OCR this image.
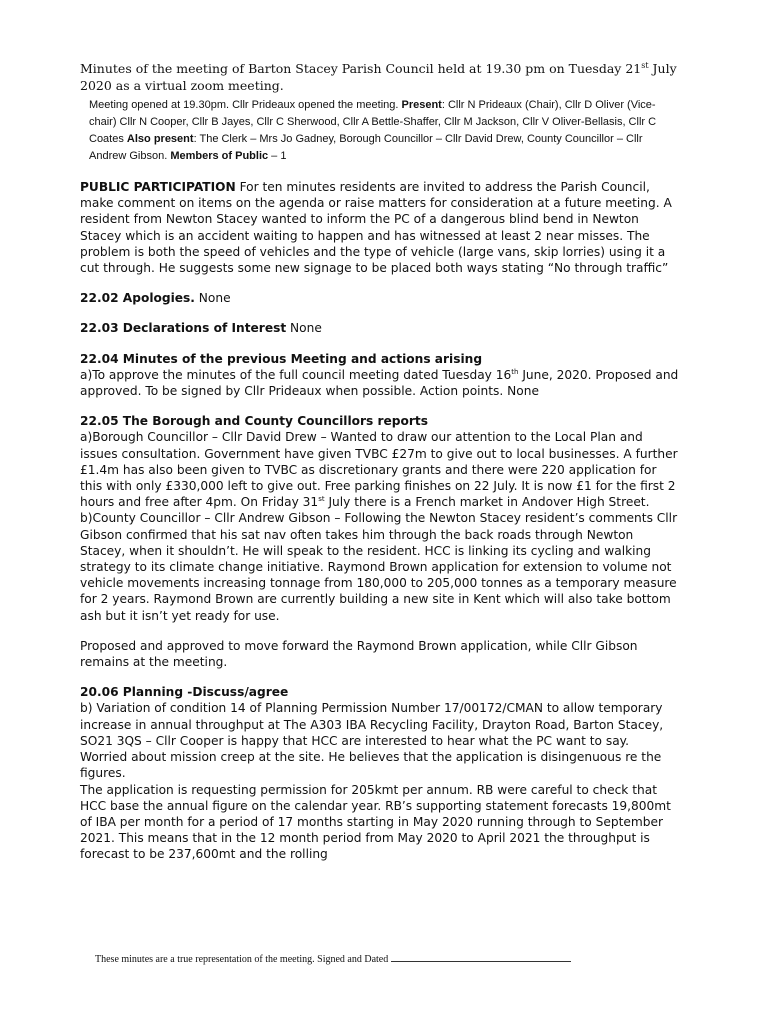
Minutes of the meeting of Barton Stacey Parish Council held at 19.30 pm on Tuesday 21st July 2020 as a virtual zoom meeting.

Meeting opened at 19.30pm. Cllr Prideaux opened the meeting. Present: Cllr N Prideaux (Chair), Cllr D Oliver (Vice-chair) Cllr N Cooper, Cllr B Jayes, Cllr C Sherwood, Cllr A Bettle-Shaffer, Cllr M Jackson, Cllr V Oliver-Bellasis, Cllr C Coates Also present: The Clerk – Mrs Jo Gadney, Borough Councillor – Cllr David Drew, County Councillor – Cllr Andrew Gibson. Members of Public – 1

PUBLIC PARTICIPATION For ten minutes residents are invited to address the Parish Council, make comment on items on the agenda or raise matters for consideration at a future meeting. A resident from Newton Stacey wanted to inform the PC of a dangerous blind bend in Newton Stacey which is an accident waiting to happen and has witnessed at least 2 near misses. The problem is both the speed of vehicles and the type of vehicle (large vans, skip lorries) using it a cut through. He suggests some new signage to be placed both ways stating “No through traffic”

22.02 Apologies. None

22.03 Declarations of Interest None

22.04 Minutes of the previous Meeting and actions arising
a)To approve the minutes of the full council meeting dated Tuesday 16th June, 2020. Proposed and approved. To be signed by Cllr Prideaux when possible. Action points. None
22.05 The Borough and County Councillors reports
a)Borough Councillor – Cllr David Drew – Wanted to draw our attention to the Local Plan and issues consultation. Government have given TVBC £27m to give out to local businesses. A further £1.4m has also been given to TVBC as discretionary grants and there were 220 application for this with only £330,000 left to give out. Free parking finishes on 22 July. It is now £1 for the first 2 hours and free after 4pm. On Friday 31st July there is a French market in Andover High Street.
b)County Councillor – Cllr Andrew Gibson – Following the Newton Stacey resident’s comments Cllr Gibson confirmed that his sat nav often takes him through the back roads through Newton Stacey, when it shouldn’t. He will speak to the resident. HCC is linking its cycling and walking strategy to its climate change initiative. Raymond Brown application for extension to volume not vehicle movements increasing tonnage from 180,000 to 205,000 tonnes as a temporary measure for 2 years. Raymond Brown are currently building a new site in Kent which will also take bottom ash but it isn’t yet ready for use.
Proposed and approved to move forward the Raymond Brown application, while Cllr Gibson remains at the meeting.
20.06 Planning -Discuss/agree
b) Variation of condition 14 of Planning Permission Number 17/00172/CMAN to allow temporary increase in annual throughput at The A303 IBA Recycling Facility, Drayton Road, Barton Stacey, SO21 3QS – Cllr Cooper is happy that HCC are interested to hear what the PC want to say. Worried about mission creep at the site. He believes that the application is disingenuous re the figures.
The application is requesting permission for 205kmt per annum. RB were careful to check that HCC base the annual figure on the calendar year. RB’s supporting statement forecasts 19,800mt of IBA per month for a period of 17 months starting in May 2020 running through to September 2021. This means that in the 12 month period from May 2020 to April 2021 the throughput is forecast to be 237,600mt and the rolling
These minutes are a true representation of the meeting. Signed and Dated
